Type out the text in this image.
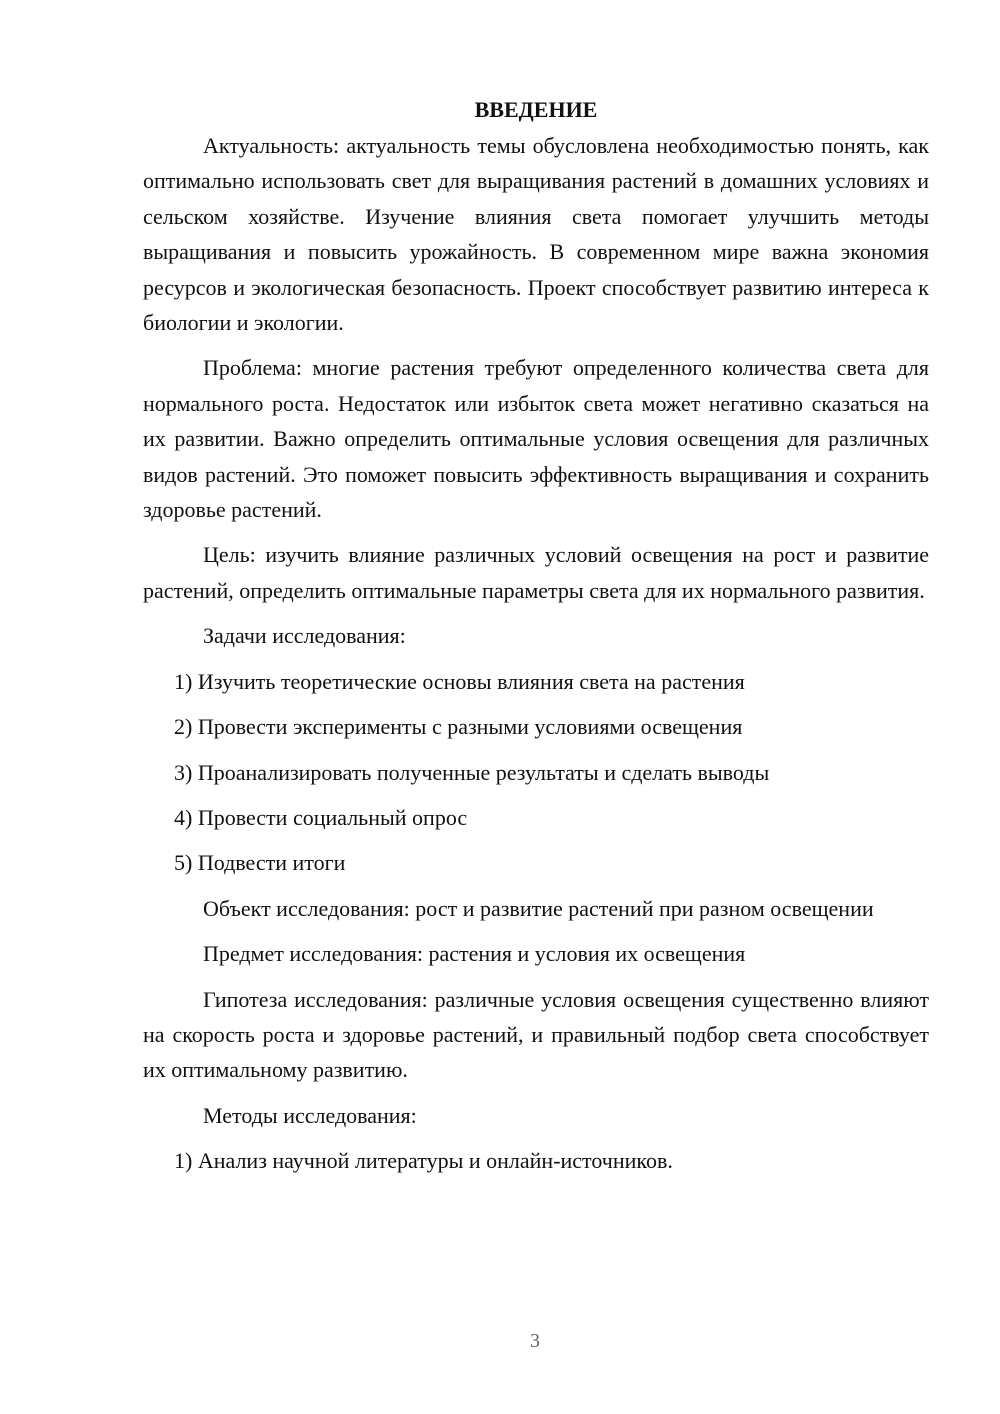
ВВЕДЕНИЕ

Актуальность: актуальность темы обусловлена необходимостью понять, как оптимально использовать свет для выращивания растений в домашних условиях и сельском хозяйстве. Изучение влияния света помогает улучшить методы выращивания и повысить урожайность. В современном мире важна экономия ресурсов и экологическая безопасность. Проект способствует развитию интереса к биологии и экологии.

Проблема: многие растения требуют определенного количества света для нормального роста. Недостаток или избыток света может негативно сказаться на их развитии. Важно определить оптимальные условия освещения для различных видов растений. Это поможет повысить эффективность выращивания и сохранить здоровье растений.

Цель: изучить влияние различных условий освещения на рост и развитие растений, определить оптимальные параметры света для их нормального развития.

Задачи исследования:

1) Изучить теоретические основы влияния света на растения
2) Провести эксперименты с разными условиями освещения
3) Проанализировать полученные результаты и сделать выводы
4) Провести социальный опрос
5) Подвести итоги

Объект исследования: рост и развитие растений при разном освещении

Предмет исследования: растения и условия их освещения

Гипотеза исследования: различные условия освещения существенно влияют на скорость роста и здоровье растений, и правильный подбор света способствует их оптимальному развитию.

Методы исследования:

1) Анализ научной литературы и онлайн-источников.
3
